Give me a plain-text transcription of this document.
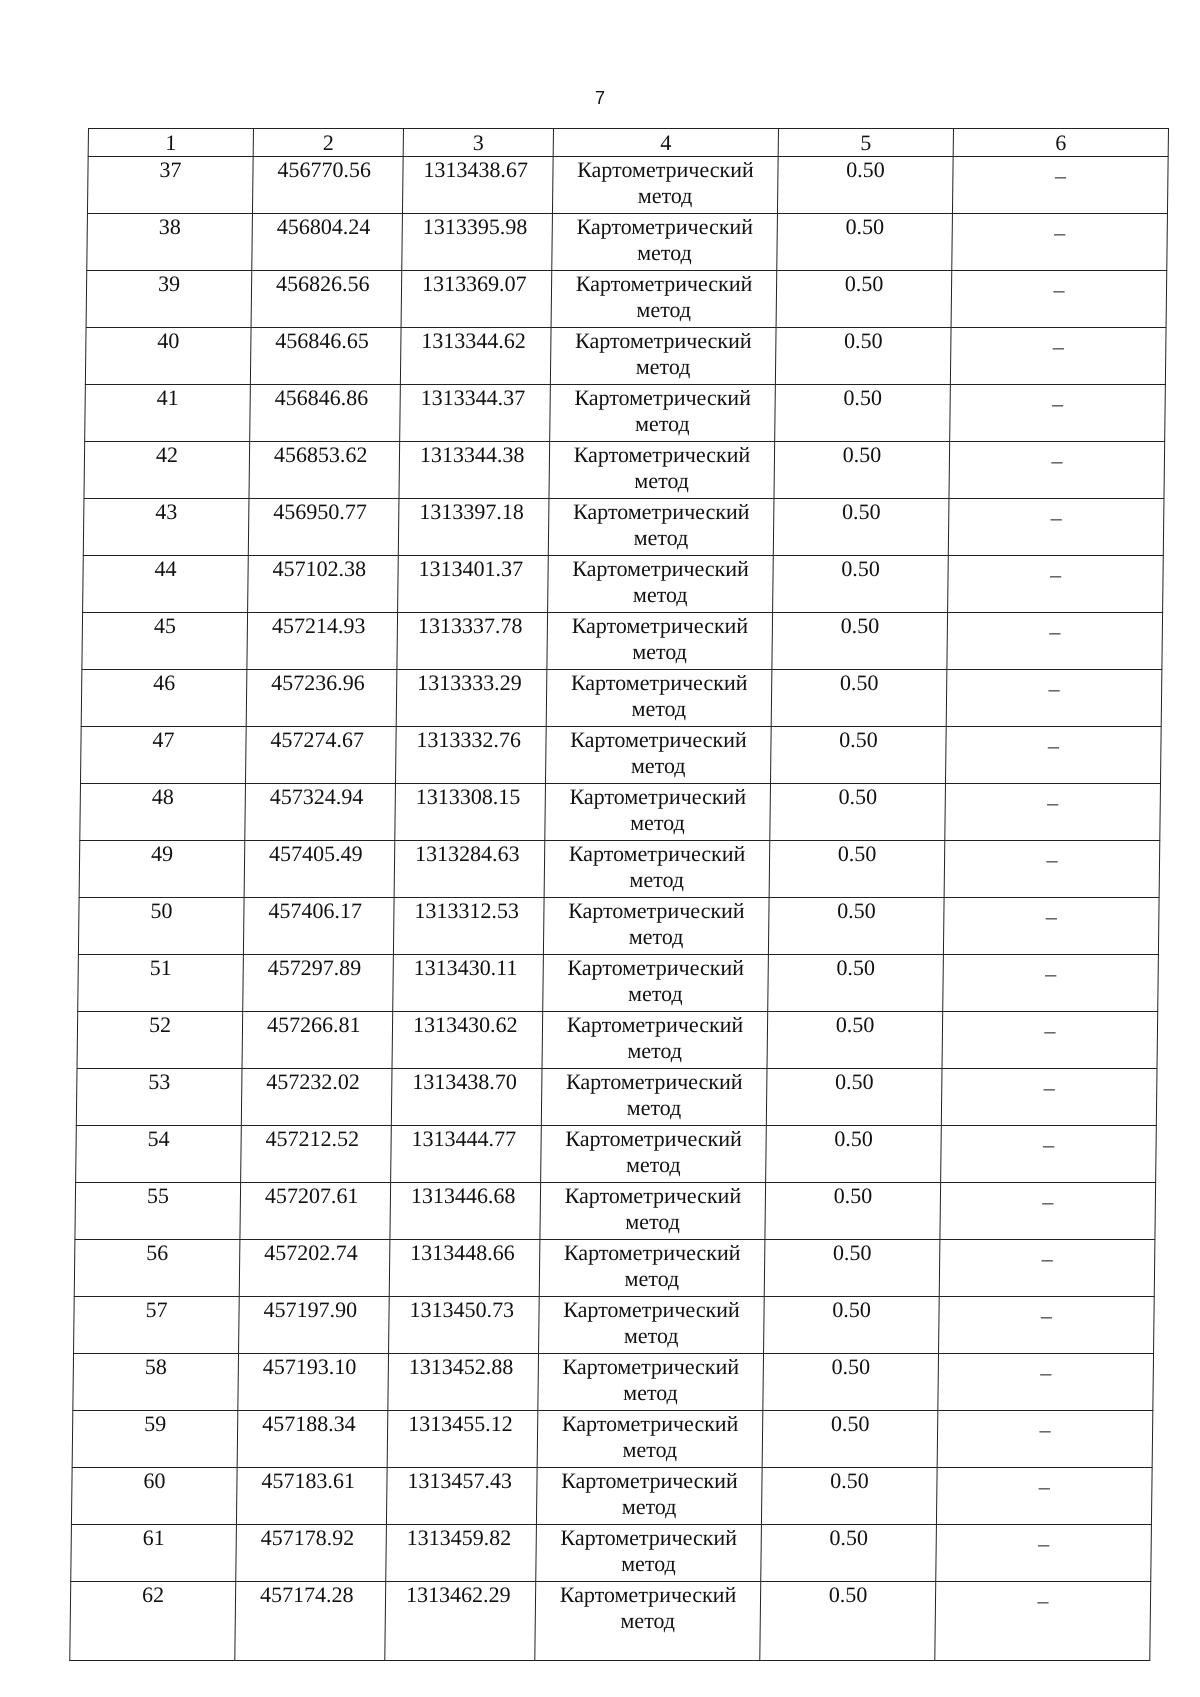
7
1	2	3	4	5	6
37	456770.56	1313438.67	Картометрический метод	0.50	–
38	456804.24	1313395.98	Картометрический метод	0.50	–
39	456826.56	1313369.07	Картометрический метод	0.50	–
40	456846.65	1313344.62	Картометрический метод	0.50	–
41	456846.86	1313344.37	Картометрический метод	0.50	–
42	456853.62	1313344.38	Картометрический метод	0.50	–
43	456950.77	1313397.18	Картометрический метод	0.50	–
44	457102.38	1313401.37	Картометрический метод	0.50	–
45	457214.93	1313337.78	Картометрический метод	0.50	–
46	457236.96	1313333.29	Картометрический метод	0.50	–
47	457274.67	1313332.76	Картометрический метод	0.50	–
48	457324.94	1313308.15	Картометрический метод	0.50	–
49	457405.49	1313284.63	Картометрический метод	0.50	–
50	457406.17	1313312.53	Картометрический метод	0.50	–
51	457297.89	1313430.11	Картометрический метод	0.50	–
52	457266.81	1313430.62	Картометрический метод	0.50	–
53	457232.02	1313438.70	Картометрический метод	0.50	–
54	457212.52	1313444.77	Картометрический метод	0.50	–
55	457207.61	1313446.68	Картометрический метод	0.50	–
56	457202.74	1313448.66	Картометрический метод	0.50	–
57	457197.90	1313450.73	Картометрический метод	0.50	–
58	457193.10	1313452.88	Картометрический метод	0.50	–
59	457188.34	1313455.12	Картометрический метод	0.50	–
60	457183.61	1313457.43	Картометрический метод	0.50	–
61	457178.92	1313459.82	Картометрический метод	0.50	–
62	457174.28	1313462.29	Картометрический метод	0.50	–
